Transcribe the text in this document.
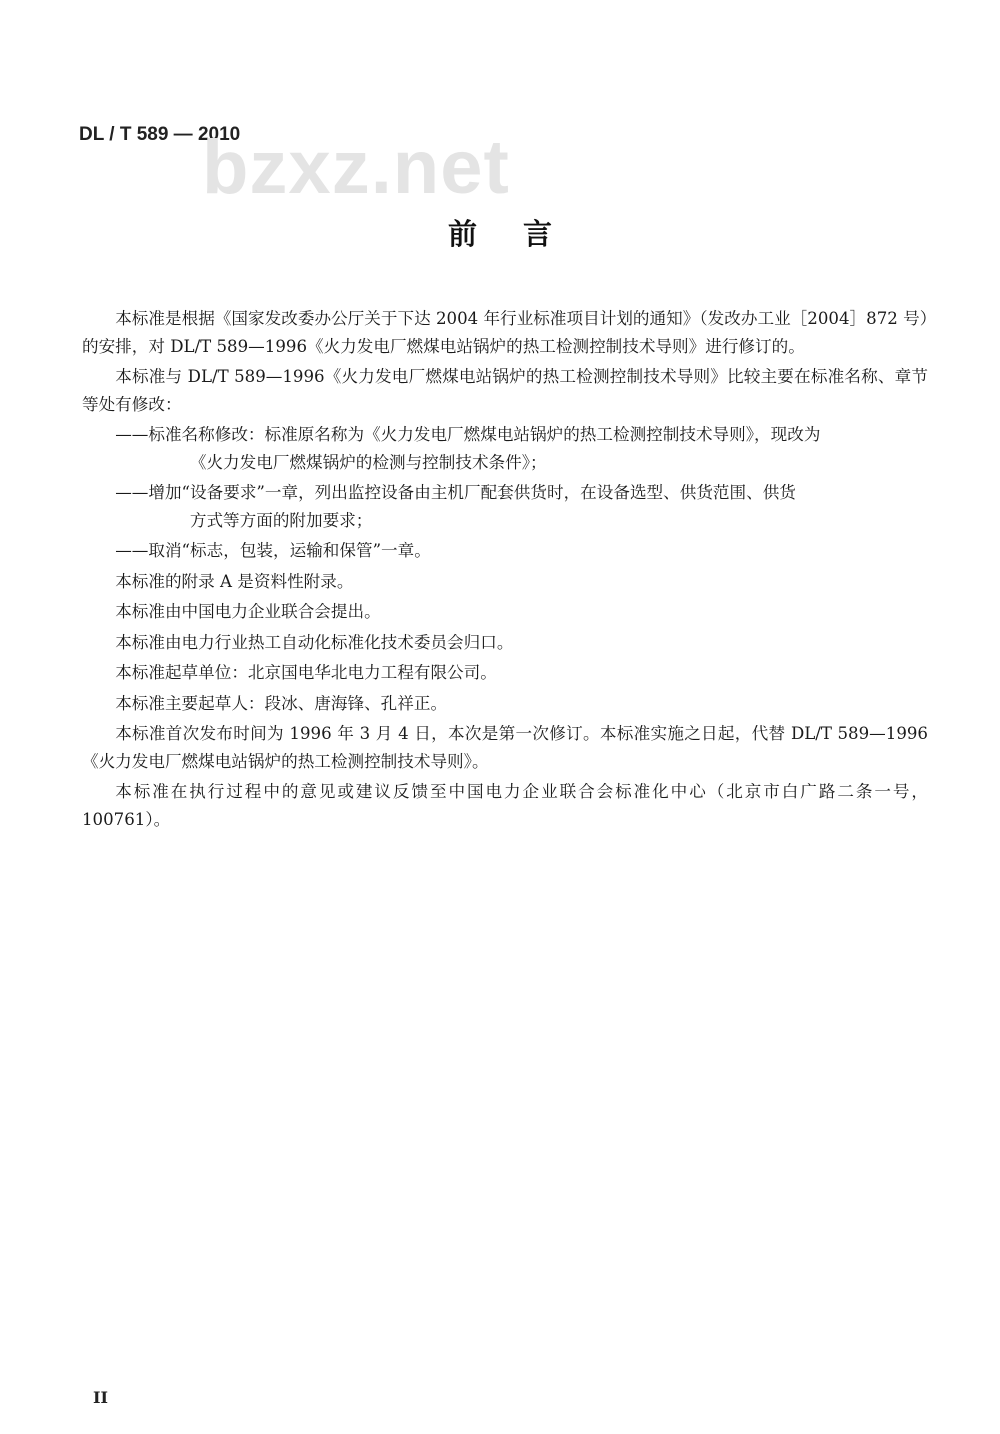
DL / T 589 — 2010
bzxz.net
前言

本标准是根据《国家发改委办公厅关于下达 2004 年行业标准项目计划的通知》（发改办工业［2004］872 号）的安排，对 DL/T 589—1996《火力发电厂燃煤电站锅炉的热工检测控制技术导则》进行修订的。

本标准与 DL/T 589—1996《火力发电厂燃煤电站锅炉的热工检测控制技术导则》比较主要在标准名称、章节等处有修改：

——标准名称修改：标准原名称为《火力发电厂燃煤电站锅炉的热工检测控制技术导则》，现改为
《火力发电厂燃煤锅炉的检测与控制技术条件》；
——增加“设备要求”一章，列出监控设备由主机厂配套供货时，在设备选型、供货范围、供货
方式等方面的附加要求；
——取消“标志，包装，运输和保管”一章。

本标准的附录 A 是资料性附录。

本标准由中国电力企业联合会提出。

本标准由电力行业热工自动化标准化技术委员会归口。

本标准起草单位：北京国电华北电力工程有限公司。

本标准主要起草人：段冰、唐海锋、孔祥正。

本标准首次发布时间为 1996 年 3 月 4 日，本次是第一次修订。本标准实施之日起，代替 DL/T 589—1996《火力发电厂燃煤电站锅炉的热工检测控制技术导则》。

本标准在执行过程中的意见或建议反馈至中国电力企业联合会标准化中心（北京市白广路二条一号，100761）。

II
